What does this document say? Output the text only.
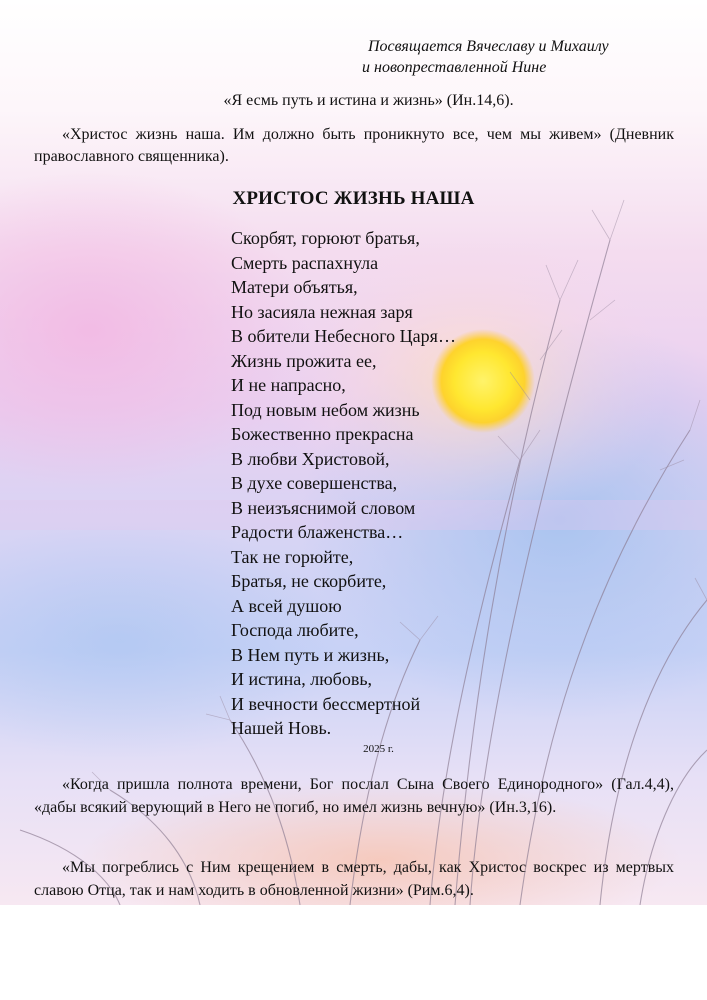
Посвящается Вячеславу и Михаилу
и новопреставленной Нине
«Я есмь путь и истина и жизнь» (Ин.14,6).
«Христос жизнь наша. Им должно быть проникнуто все, чем мы живем» (Дневник православного священника).
ХРИСТОС ЖИЗНЬ НАША
Скорбят, горюют братья,
Смерть распахнула
Матери объятья,
Но засияла нежная заря
В обители Небесного Царя…
Жизнь прожита ее,
И не напрасно,
Под новым небом жизнь
Божественно прекрасна
В любви Христовой,
В духе совершенства,
В неизъяснимой словом
Радости блаженства…
Так не горюйте,
Братья, не скорбите,
А всей душою
Господа любите,
В Нем путь и жизнь,
И истина, любовь,
И вечности бессмертной
Нашей Новь.
2025 г.
«Когда пришла полнота времени, Бог послал Сына Своего Единородного» (Гал.4,4), «дабы всякий верующий в Него не погиб, но имел жизнь вечную» (Ин.3,16).
«Мы погреблись с Ним крещением в смерть, дабы, как Христос воскрес из мертвых славою Отца, так и нам ходить в обновленной жизни» (Рим.6,4).
